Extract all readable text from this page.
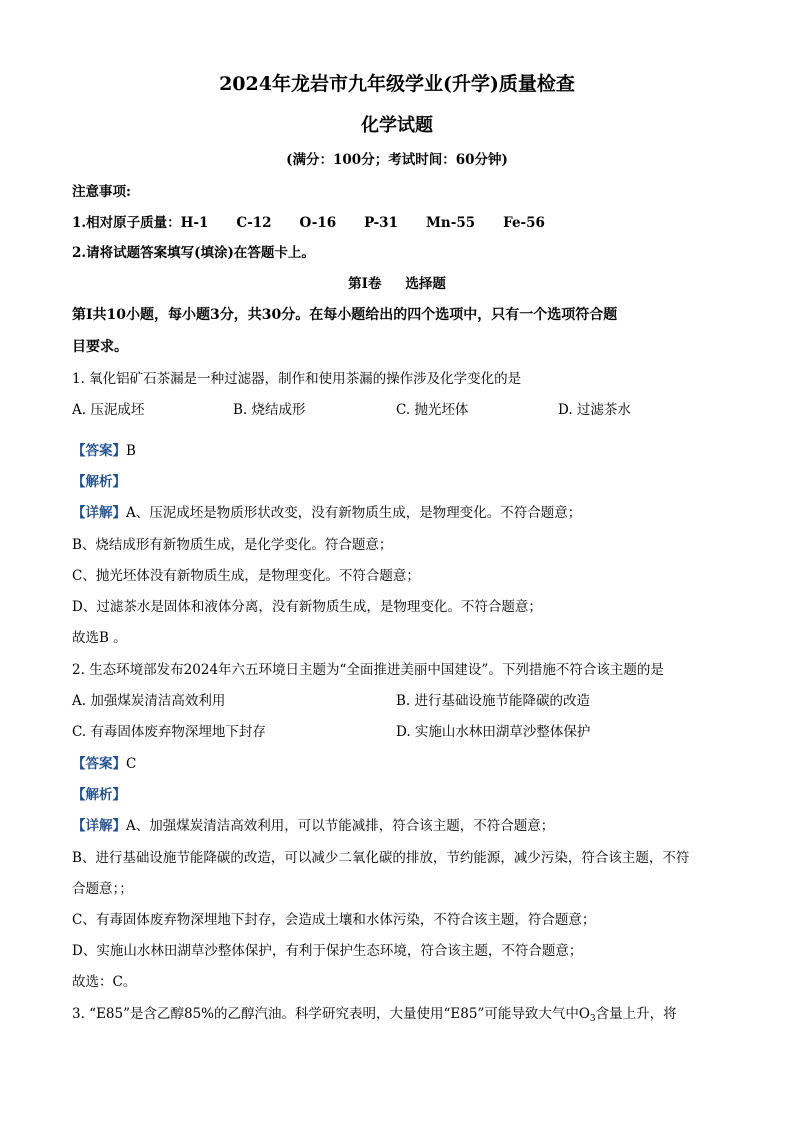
2024年龙岩市九年级学业(升学)质量检查
化学试题
(满分：100分；考试时间：60分钟)
注意事项:
1.相对原子质量：H-1 C-12 O-16 P-31 Mn-55 Fe-56
2.请将试题答案填写(填涂)在答题卡上。
第I卷 选择题
第I共10小题，每小题3分，共30分。在每小题给出的四个选项中，只有一个选项符合题
目要求。
1. 氧化铝矿石茶漏是一种过滤器，制作和使用茶漏的操作涉及化学变化的是
A. 压泥成坯	B. 烧结成形	C. 抛光坯体	D. 过滤茶水
【答案】B
【解析】
【详解】A、压泥成坯是物质形状改变，没有新物质生成，是物理变化。不符合题意；
B、烧结成形有新物质生成，是化学变化。符合题意；
C、抛光坯体没有新物质生成，是物理变化。不符合题意；
D、过滤茶水是固体和液体分离，没有新物质生成，是物理变化。不符合题意；
故选B 。
2. 生态环境部发布2024年六五环境日主题为“全面推进美丽中国建设”。下列措施不符合该主题的是
A. 加强煤炭清洁高效利用	B. 进行基础设施节能降碳的改造
C. 有毒固体废弃物深埋地下封存	D. 实施山水林田湖草沙整体保护
【答案】C
【解析】
【详解】A、加强煤炭清洁高效利用，可以节能减排，符合该主题，不符合题意；
B、进行基础设施节能降碳的改造，可以减少二氧化碳的排放，节约能源，减少污染，符合该主题，不符
合题意；；
C、有毒固体废弃物深埋地下封存，会造成土壤和水体污染，不符合该主题，符合题意；
D、实施山水林田湖草沙整体保护，有利于保护生态环境，符合该主题，不符合题意；
故选：C。
3. “E85”是含乙醇85%的乙醇汽油。科学研究表明，大量使用“E85”可能导致大气中$O_3$含量上升，将
